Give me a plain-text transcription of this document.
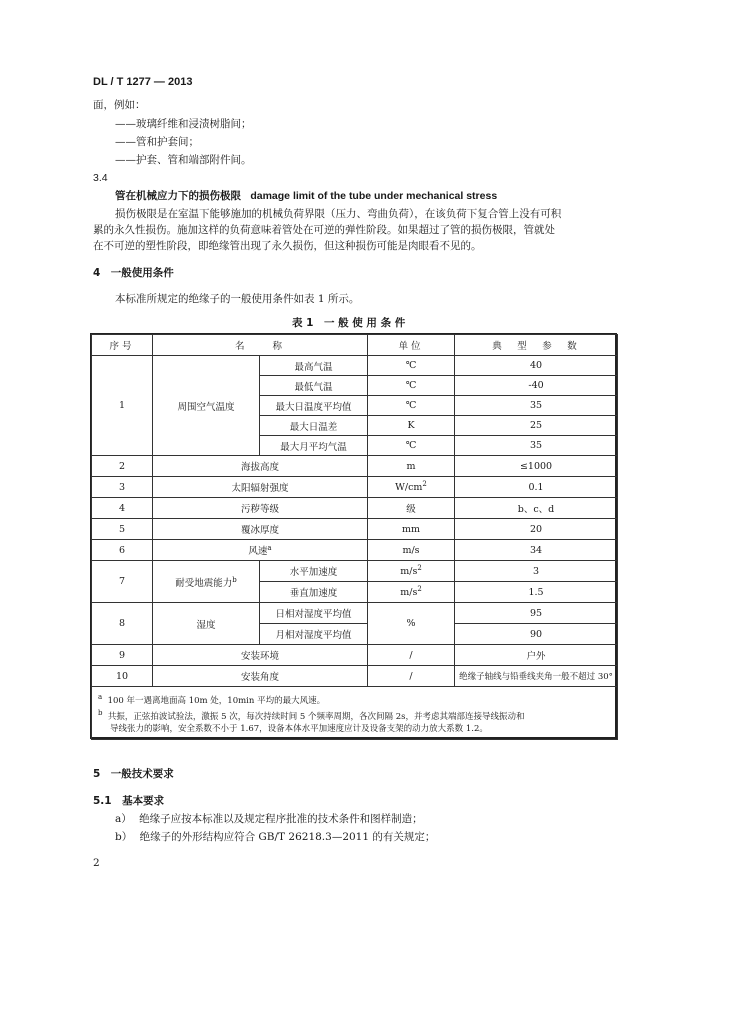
DL / T 1277 — 2013
面，例如：
——玻璃纤维和浸渍树脂间；
——管和护套间；
——护套、管和端部附件间。
3.4
管在机械应力下的损伤极限 damage limit of the tube under mechanical stress
损伤极限是在室温下能够施加的机械负荷界限（压力、弯曲负荷），在该负荷下复合管上没有可积
累的永久性损伤。施加这样的负荷意味着管处在可逆的弹性阶段。如果超过了管的损伤极限，管就处
在不可逆的塑性阶段，即绝缘管出现了永久损伤，但这种损伤可能是肉眼看不见的。
4　一般使用条件
本标准所规定的绝缘子的一般使用条件如表 1 所示。
表 1　一 般 使 用 条 件
序号	名　　称		单位	典　型　参　数
1	周围空气温度	最高气温	℃	40
		最低气温	℃	-40
		最大日温度平均值	℃	35
		最大日温差	K	25
		最大月平均气温	℃	35
2	海拔高度		m	≤1000
3	太阳辐射强度		$W/cm^2$	0.1
4	污秽等级		级	b、c、d
5	覆冰厚度		mm	20
6	风速$^a$		m/s	34
7	耐受地震能力$^b$	水平加速度	$m/s^2$	3
		垂直加速度	$m/s^2$	1.5
8	湿度	日相对湿度平均值	%	95
		月相对湿度平均值		90
9	安装环境		/	户外
10	安装角度		/	绝缘子轴线与铅垂线夹角一般不超过 30°

$^a$ 100 年一遇离地面高 10m 处，10min 平均的最大风速。
$^b$ 共振，正弦拍波试验法，激振 5 次，每次持续时间 5 个频率周期，各次间隔 2s，并考虑其端部连接导线振动和
导线张力的影响，安全系数不小于 1.67，设备本体水平加速度应计及设备支架的动力放大系数 1.2。				
5　一般技术要求
5.1　基本要求
a） 绝缘子应按本标准以及规定程序批准的技术条件和图样制造；
b） 绝缘子的外形结构应符合 GB/T 26218.3—2011 的有关规定；
2
